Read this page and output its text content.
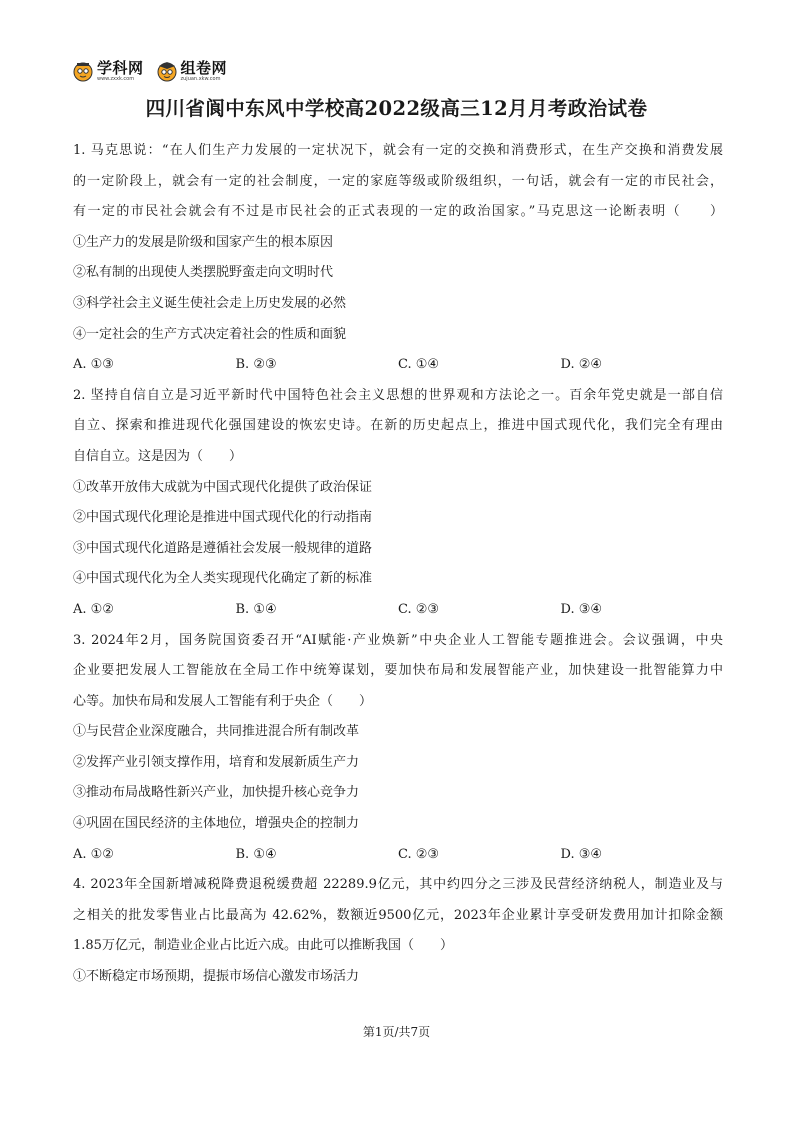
学科网
www.zxxk.com
组卷网
zujuan.xkw.com
四川省阆中东风中学校高2022级高三12月月考政治试卷
1. 马克思说：“在人们生产力发展的一定状况下，就会有一定的交换和消费形式，在生产交换和消费发展
的一定阶段上，就会有一定的社会制度，一定的家庭等级或阶级组织，一句话，就会有一定的市民社会，
有一定的市民社会就会有不过是市民社会的正式表现的一定的政治国家。”马克思这一论断表明（　　）
①生产力的发展是阶级和国家产生的根本原因
②私有制的出现使人类摆脱野蛮走向文明时代
③科学社会主义诞生使社会走上历史发展的必然
④一定社会的生产方式决定着社会的性质和面貌
A. ①③	B. ②③	C. ①④	D. ②④
2. 坚持自信自立是习近平新时代中国特色社会主义思想的世界观和方法论之一。百余年党史就是一部自信
自立、探索和推进现代化强国建设的恢宏史诗。在新的历史起点上，推进中国式现代化，我们完全有理由
自信自立。这是因为（　　）
①改革开放伟大成就为中国式现代化提供了政治保证
②中国式现代化理论是推进中国式现代化的行动指南
③中国式现代化道路是遵循社会发展一般规律的道路
④中国式现代化为全人类实现现代化确定了新的标准
A. ①②	B. ①④	C. ②③	D. ③④
3. 2024年2月，国务院国资委召开“AI赋能·产业焕新”中央企业人工智能专题推进会。会议强调，中央
企业要把发展人工智能放在全局工作中统筹谋划，要加快布局和发展智能产业，加快建设一批智能算力中
心等。加快布局和发展人工智能有利于央企（　　）
①与民营企业深度融合，共同推进混合所有制改革
②发挥产业引领支撑作用，培育和发展新质生产力
③推动布局战略性新兴产业，加快提升核心竞争力
④巩固在国民经济的主体地位，增强央企的控制力
A. ①②	B. ①④	C. ②③	D. ③④
4. 2023年全国新增减税降费退税缓费超 22289.9亿元，其中约四分之三涉及民营经济纳税人，制造业及与
之相关的批发零售业占比最高为 42.62%，数额近9500亿元，2023年企业累计享受研发费用加计扣除金额
1.85万亿元，制造业企业占比近六成。由此可以推断我国（　　）
①不断稳定市场预期，提振市场信心激发市场活力
第1页/共7页
